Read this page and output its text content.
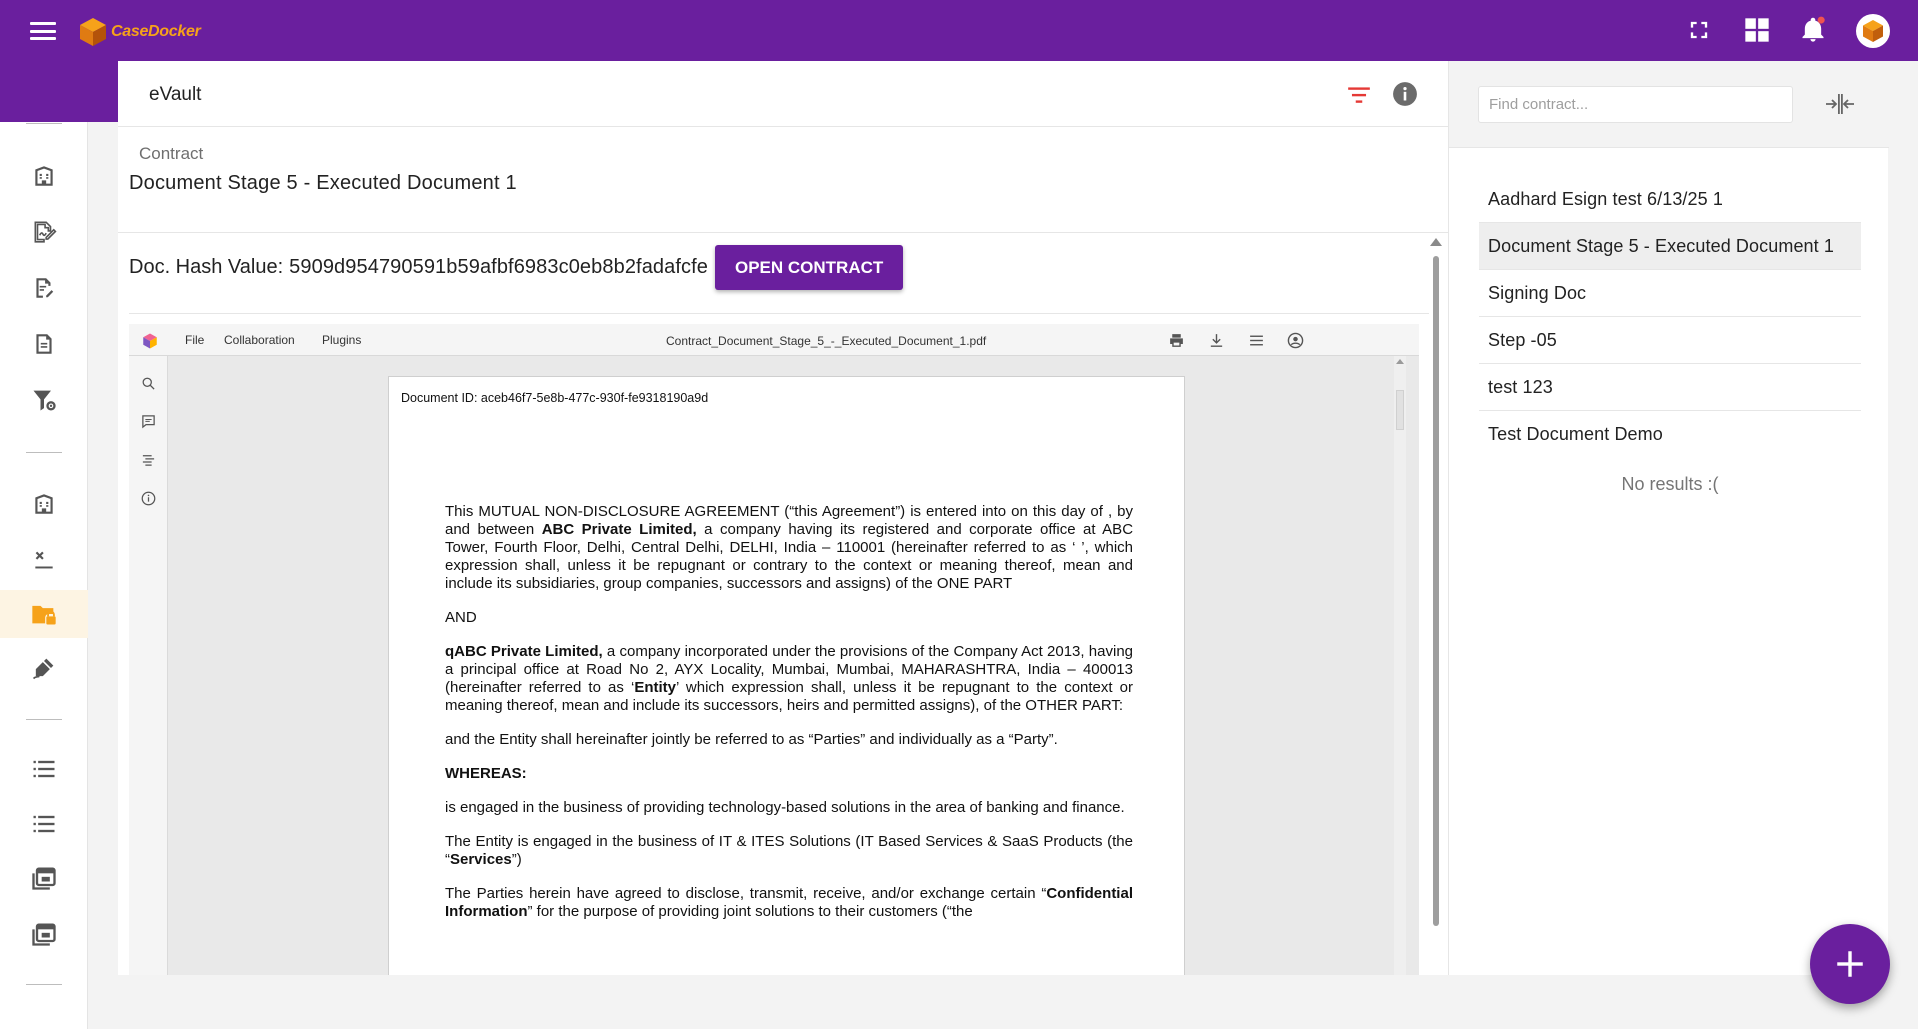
CaseDocker
eVault
Contract
Document Stage 5 - Executed Document 1
Doc. Hash Value: 5909d954790591b59afbf6983c0eb8b2fadafcfe	OPEN CONTRACT
File Collaboration Plugins	Contract_Document_Stage_5_-_Executed_Document_1.pdf
Document ID: aceb46f7-5e8b-477c-930f-fe9318190a9d

This MUTUAL NON-DISCLOSURE AGREEMENT (“this Agreement”) is entered into on this day of , by and between ABC Private Limited, a company having its registered and corporate office at ABC Tower, Fourth Floor, Delhi, Central Delhi, DELHI, India – 110001 (hereinafter referred to as ‘ ’, which expression shall, unless it be repugnant or contrary to the context or meaning thereof, mean and include its subsidiaries, group companies, successors and assigns) of the ONE PART

AND

qABC Private Limited, a company incorporated under the provisions of the Company Act 2013, having a principal office at Road No 2, AYX Locality, Mumbai, Mumbai, MAHARASHTRA, India – 400013 (hereinafter referred to as ‘Entity’ which expression shall, unless it be repugnant to the context or meaning thereof, mean and include its successors, heirs and permitted assigns), of the OTHER PART:

and the Entity shall hereinafter jointly be referred to as “Parties” and individually as a “Party”.

WHEREAS:

is engaged in the business of providing technology-based solutions in the area of banking and finance.

The Entity is engaged in the business of IT & ITES Solutions (IT Based Services & SaaS Products (the “Services”)

The Parties herein have agreed to disclose, transmit, receive, and/or exchange certain “Confidential Information” for the purpose of providing joint solutions to their customers (“the

Find contract...
Aadhard Esign test 6/13/25 1
Document Stage 5 - Executed Document 1
Signing Doc
Step -05
test 123
Test Document Demo
No results :(
